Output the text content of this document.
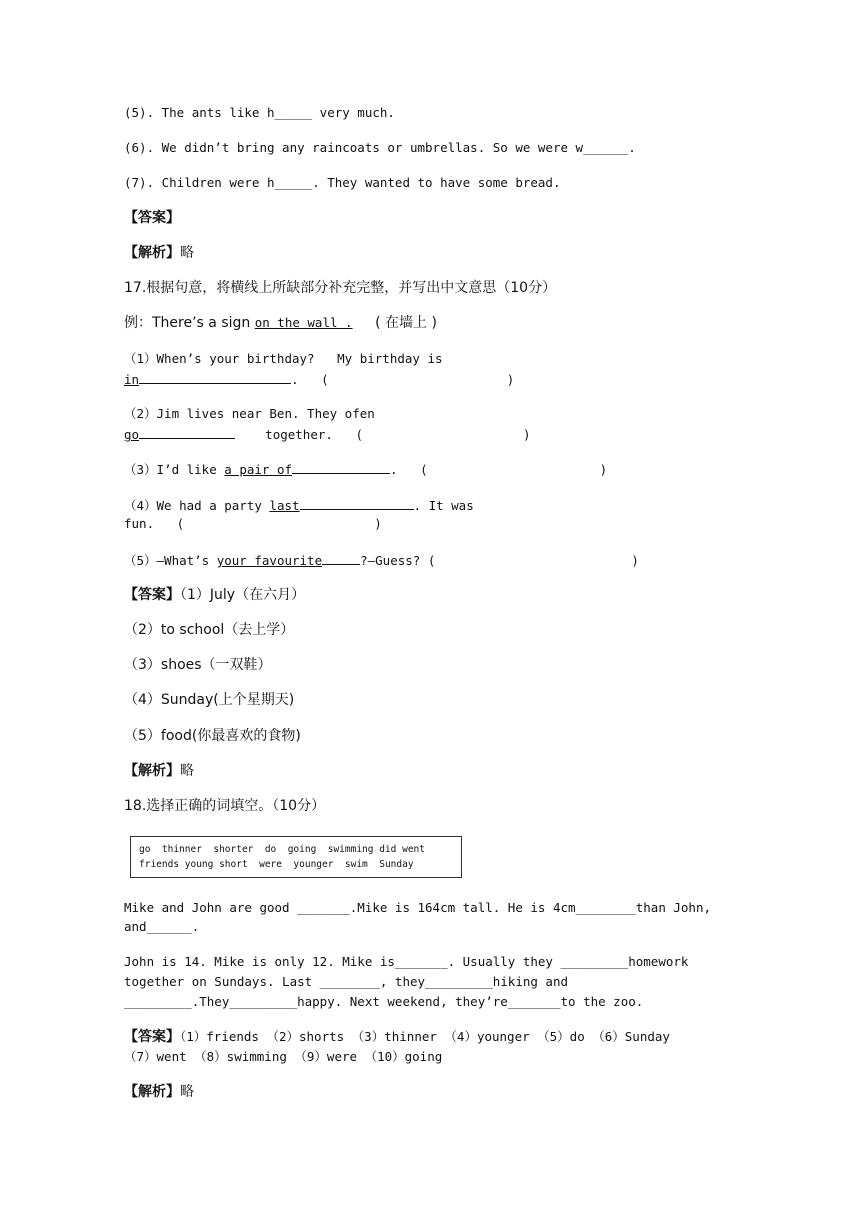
(5). The ants like h_____ very much.
(6). We didn’t bring any raincoats or umbrellas. So we were w______.
(7). Children were h_____. They wanted to have some bread.
【答案】
【解析】略
17.根据句意，将横线上所缺部分补充完整，并写出中文意思（10分）
例：There’s a sign on the wall . ( 在墙上 )
（1）When’s your birthday?   My birthday is
in	.   (	)
（2）Jim lives near Ben. They ofen
go	together.   (	)
（3）I’d like a pair of	.   (	)
（4）We had a party last	. It was
fun.   (	)
（5）—What’s your favourite	?—Guess? (	)
【答案】（1）July（在六月）
（2）to school（去上学）
（3）shoes（一双鞋）
（4）Sunday(上个星期天)
（5）food(你最喜欢的食物)
【解析】略
18.选择正确的词填空。（10分）
go  thinner  shorter  do  going  swimming did went
friends young short  were  younger  swim  Sunday
Mike and John are good _______.Mike is 164cm tall. He is 4cm________than John,
and______.
John is 14. Mike is only 12. Mike is_______. Usually they _________homework
together on Sundays. Last ________, they_________hiking and
_________.They_________happy. Next weekend, they’re_______to the zoo.
【答案】（1）friends （2）shorts （3）thinner （4）younger （5）do （6）Sunday
（7）went （8）swimming （9）were （10）going
【解析】略
